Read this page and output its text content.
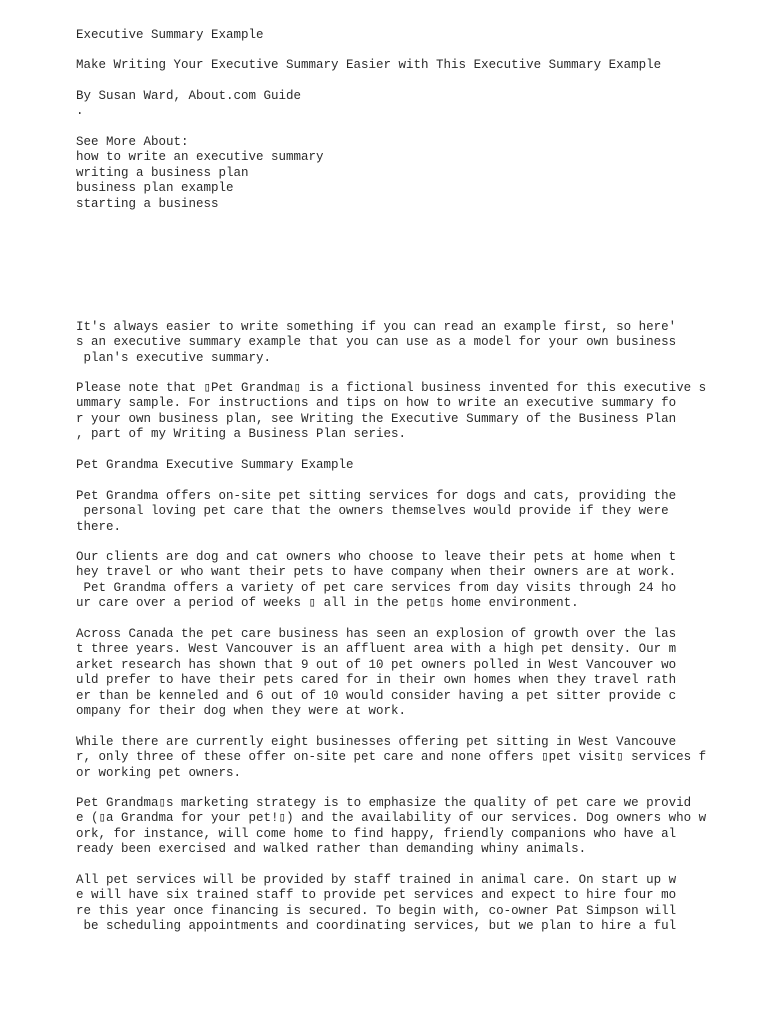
Executive Summary Example

Make Writing Your Executive Summary Easier with This Executive Summary Example

By Susan Ward, About.com Guide
.

See More About:
how to write an executive summary
writing a business plan
business plan example
starting a business

It's always easier to write something if you can read an example first, so here'
s an executive summary example that you can use as a model for your own business
plan's executive summary.

Please note that ▯Pet Grandma▯ is a fictional business invented for this executive s
ummary sample. For instructions and tips on how to write an executive summary fo
r your own business plan, see Writing the Executive Summary of the Business Plan
, part of my Writing a Business Plan series.

Pet Grandma Executive Summary Example

Pet Grandma offers on-site pet sitting services for dogs and cats, providing the
personal loving pet care that the owners themselves would provide if they were
there.

Our clients are dog and cat owners who choose to leave their pets at home when t
hey travel or who want their pets to have company when their owners are at work.
Pet Grandma offers a variety of pet care services from day visits through 24 ho
ur care over a period of weeks ▯ all in the pet▯s home environment.

Across Canada the pet care business has seen an explosion of growth over the las
t three years. West Vancouver is an affluent area with a high pet density. Our m
arket research has shown that 9 out of 10 pet owners polled in West Vancouver wo
uld prefer to have their pets cared for in their own homes when they travel rath
er than be kenneled and 6 out of 10 would consider having a pet sitter provide c
ompany for their dog when they were at work.

While there are currently eight businesses offering pet sitting in West Vancouve
r, only three of these offer on-site pet care and none offers ▯pet visit▯ services f
or working pet owners.

Pet Grandma▯s marketing strategy is to emphasize the quality of pet care we provid
e (▯a Grandma for your pet!▯) and the availability of our services. Dog owners who w
ork, for instance, will come home to find happy, friendly companions who have al
ready been exercised and walked rather than demanding whiny animals.

All pet services will be provided by staff trained in animal care. On start up w
e will have six trained staff to provide pet services and expect to hire four mo
re this year once financing is secured. To begin with, co-owner Pat Simpson will
be scheduling appointments and coordinating services, but we plan to hire a ful
